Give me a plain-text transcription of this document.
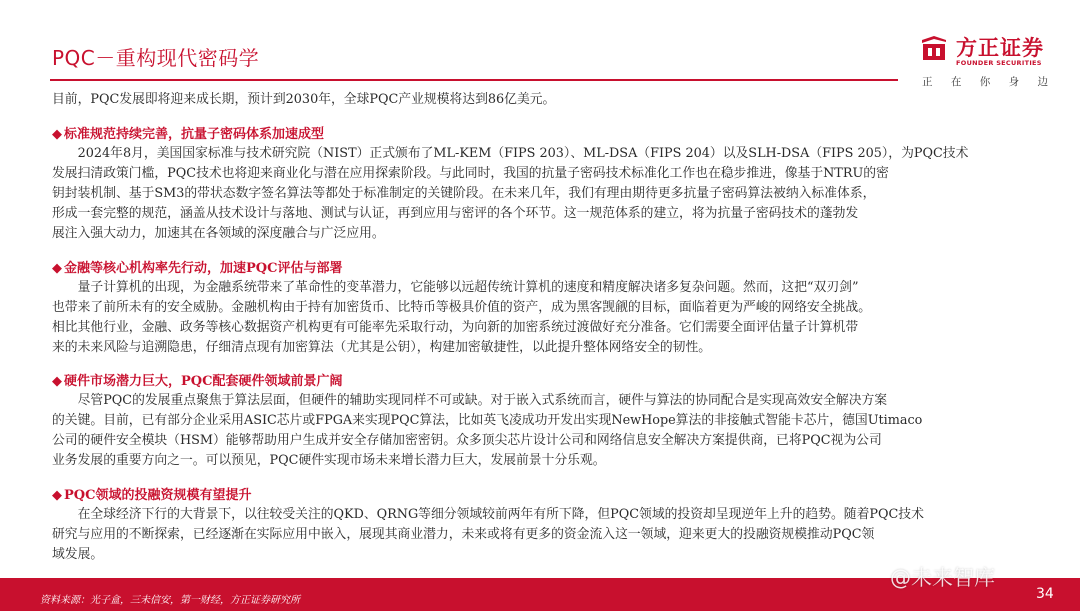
PQC－重构现代密码学	方正证券
FOUNDER SECURITIES
正 在 你 身 边
目前，PQC发展即将迎来成长期，预计到2030年，全球PQC产业规模将达到86亿美元。
◆ 标准规范持续完善，抗量子密码体系加速成型

　　2024年8月，美国国家标准与技术研究院（NIST）正式颁布了ML-KEM（FIPS 203）、ML-DSA（FIPS 204）以及SLH-DSA（FIPS 205），为PQC技术

发展扫清政策门槛，PQC技术也将迎来商业化与潜在应用探索阶段。与此同时，我国的抗量子密码技术标准化工作也在稳步推进，像基于NTRU的密

钥封装机制、基于SM3的带状态数字签名算法等都处于标准制定的关键阶段。在未来几年，我们有理由期待更多抗量子密码算法被纳入标准体系，

形成一套完整的规范，涵盖从技术设计与落地、测试与认证，再到应用与密评的各个环节。这一规范体系的建立，将为抗量子密码技术的蓬勃发

展注入强大动力，加速其在各领域的深度融合与广泛应用。

◆ 金融等核心机构率先行动，加速PQC评估与部署

　　量子计算机的出现，为金融系统带来了革命性的变革潜力，它能够以远超传统计算机的速度和精度解决诸多复杂问题。然而，这把“双刃剑”

也带来了前所未有的安全威胁。金融机构由于持有加密货币、比特币等极具价值的资产，成为黑客觊觎的目标，面临着更为严峻的网络安全挑战。

相比其他行业，金融、政务等核心数据资产机构更有可能率先采取行动，为向新的加密系统过渡做好充分准备。它们需要全面评估量子计算机带

来的未来风险与追溯隐患，仔细清点现有加密算法（尤其是公钥），构建加密敏捷性，以此提升整体网络安全的韧性。

◆ 硬件市场潜力巨大，PQC配套硬件领域前景广阔

　　尽管PQC的发展重点聚焦于算法层面，但硬件的辅助实现同样不可或缺。对于嵌入式系统而言，硬件与算法的协同配合是实现高效安全解决方案

的关键。目前，已有部分企业采用ASIC芯片或FPGA来实现PQC算法，比如英飞凌成功开发出实现NewHope算法的非接触式智能卡芯片，德国Utimaco

公司的硬件安全模块（HSM）能够帮助用户生成并安全存储加密密钥。众多顶尖芯片设计公司和网络信息安全解决方案提供商，已将PQC视为公司

业务发展的重要方向之一。可以预见，PQC硬件实现市场未来增长潜力巨大，发展前景十分乐观。

◆ PQC领域的投融资规模有望提升

　　在全球经济下行的大背景下，以往较受关注的QKD、QRNG等细分领域较前两年有所下降，但PQC领域的投资却呈现逆年上升的趋势。随着PQC技术

研究与应用的不断探索，已经逐渐在实际应用中嵌入，展现其商业潜力，未来或将有更多的资金流入这一领域，迎来更大的投融资规模推动PQC领

域发展。

资料来源：光子盒，三未信安，第一财经，方正证券研究所
@未来智库
34
